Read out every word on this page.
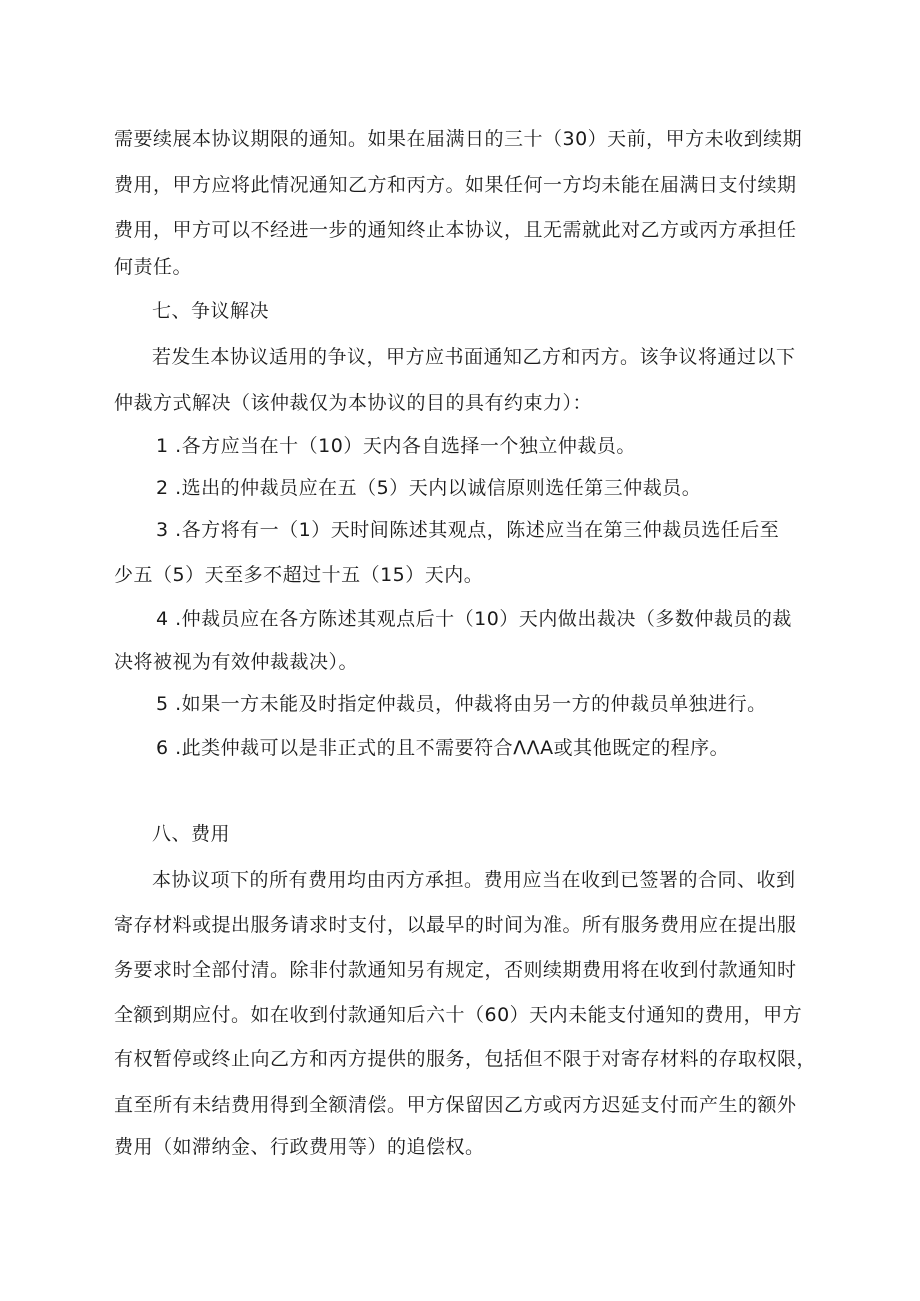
需要续展本协议期限的通知。如果在届满日的三十（30）天前，甲方未收到续期
费用，甲方应将此情况通知乙方和丙方。如果任何一方均未能在届满日支付续期
费用，甲方可以不经进一步的通知终止本协议，且无需就此对乙方或丙方承担任
何责任。
七、争议解决
若发生本协议适用的争议，甲方应书面通知乙方和丙方。该争议将通过以下
仲裁方式解决（该仲裁仅为本协议的目的具有约束力）：
1 .各方应当在十（10）天内各自选择一个独立仲裁员。
2 .选出的仲裁员应在五（5）天内以诚信原则选任第三仲裁员。
3 .各方将有一（1）天时间陈述其观点，陈述应当在第三仲裁员选任后至
少五（5）天至多不超过十五（15）天内。
4 .仲裁员应在各方陈述其观点后十（10）天内做出裁决（多数仲裁员的裁
决将被视为有效仲裁裁决）。
5 .如果一方未能及时指定仲裁员，仲裁将由另一方的仲裁员单独进行。
6 .此类仲裁可以是非正式的且不需要符合ΛΛA或其他既定的程序。
八、费用
本协议项下的所有费用均由丙方承担。费用应当在收到已签署的合同、收到
寄存材料或提出服务请求时支付，以最早的时间为准。所有服务费用应在提出服
务要求时全部付清。除非付款通知另有规定，否则续期费用将在收到付款通知时
全额到期应付。如在收到付款通知后六十（60）天内未能支付通知的费用，甲方
有权暂停或终止向乙方和丙方提供的服务，包括但不限于对寄存材料的存取权限，
直至所有未结费用得到全额清偿。甲方保留因乙方或丙方迟延支付而产生的额外
费用（如滞纳金、行政费用等）的追偿权。
